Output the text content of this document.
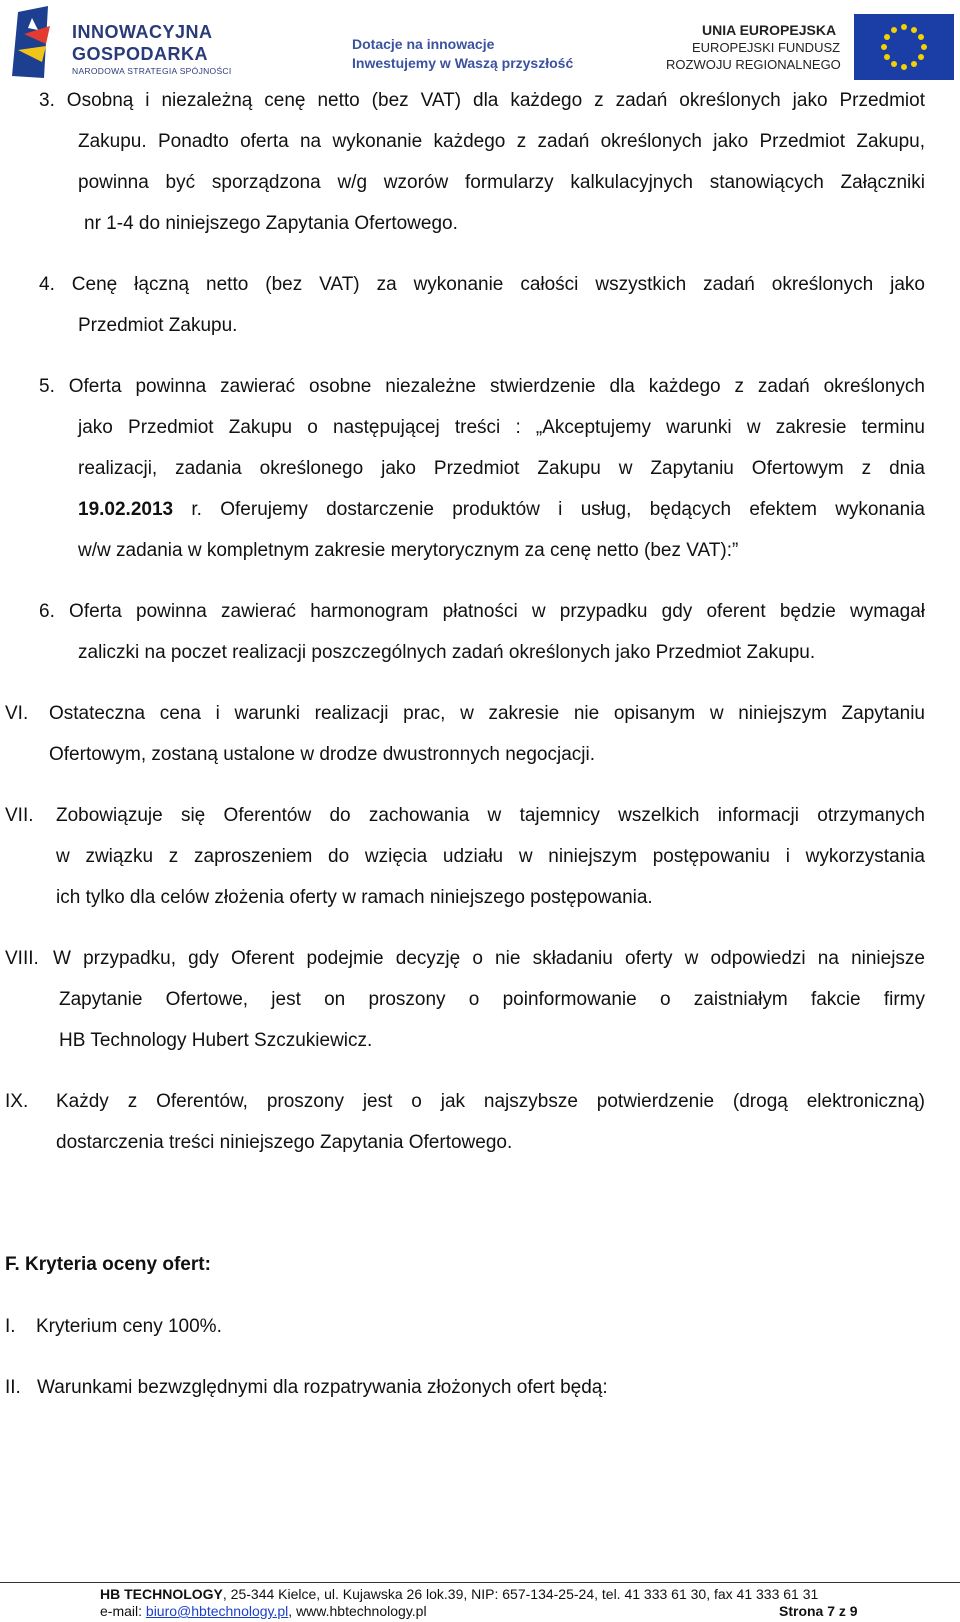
INNOWACYJNA
GOSPODARKA
NARODOWA STRATEGIA SPÓJNOŚCI
Dotacje na innowacje
Inwestujemy w Waszą przyszłość
UNIA EUROPEJSKA
EUROPEJSKI FUNDUSZ
ROZWOJU REGIONALNEGO
3. Osobną i niezależną cenę netto (bez VAT) dla każdego z zadań określonych jako Przedmiot
Zakupu. Ponadto oferta na wykonanie każdego z zadań określonych jako Przedmiot Zakupu,
powinna być sporządzona w/g wzorów formularzy kalkulacyjnych stanowiących Załączniki
nr 1-4 do niniejszego Zapytania Ofertowego.
4. Cenę łączną netto (bez VAT) za wykonanie całości wszystkich zadań określonych jako
Przedmiot Zakupu.
5. Oferta powinna zawierać osobne niezależne stwierdzenie dla każdego z zadań określonych
jako Przedmiot Zakupu o następującej treści : „Akceptujemy warunki w zakresie terminu
realizacji, zadania określonego jako Przedmiot Zakupu w Zapytaniu Ofertowym z dnia
19.02.2013 r. Oferujemy dostarczenie produktów i usług, będących efektem wykonania
w/w zadania w kompletnym zakresie merytorycznym za cenę netto (bez VAT):”
6. Oferta powinna zawierać harmonogram płatności w przypadku gdy oferent będzie wymagał
zaliczki na poczet realizacji poszczególnych zadań określonych jako Przedmiot Zakupu.
VI. Ostateczna cena i warunki realizacji prac, w zakresie nie opisanym w niniejszym Zapytaniu
Ofertowym, zostaną ustalone w drodze dwustronnych negocjacji.
VII. Zobowiązuje się Oferentów do zachowania w tajemnicy wszelkich informacji otrzymanych
w związku z zaproszeniem do wzięcia udziału w niniejszym postępowaniu i wykorzystania
ich tylko dla celów złożenia oferty w ramach niniejszego postępowania.
VIII. W przypadku, gdy Oferent podejmie decyzję o nie składaniu oferty w odpowiedzi na niniejsze
Zapytanie Ofertowe, jest on proszony o poinformowanie o zaistniałym fakcie firmy
HB Technology Hubert Szczukiewicz.
IX. Każdy z Oferentów, proszony jest o jak najszybsze potwierdzenie (drogą elektroniczną)
dostarczenia treści niniejszego Zapytania Ofertowego.
F. Kryteria oceny ofert:
I. Kryterium ceny 100%.
II. Warunkami bezwzględnymi dla rozpatrywania złożonych ofert będą:
HB TECHNOLOGY, 25-344 Kielce, ul. Kujawska 26 lok.39, NIP: 657-134-25-24, tel. 41 333 61 30, fax 41 333 61 31
e-mail: biuro@hbtechnology.pl, www.hbtechnology.pl	Strona 7 z 9
